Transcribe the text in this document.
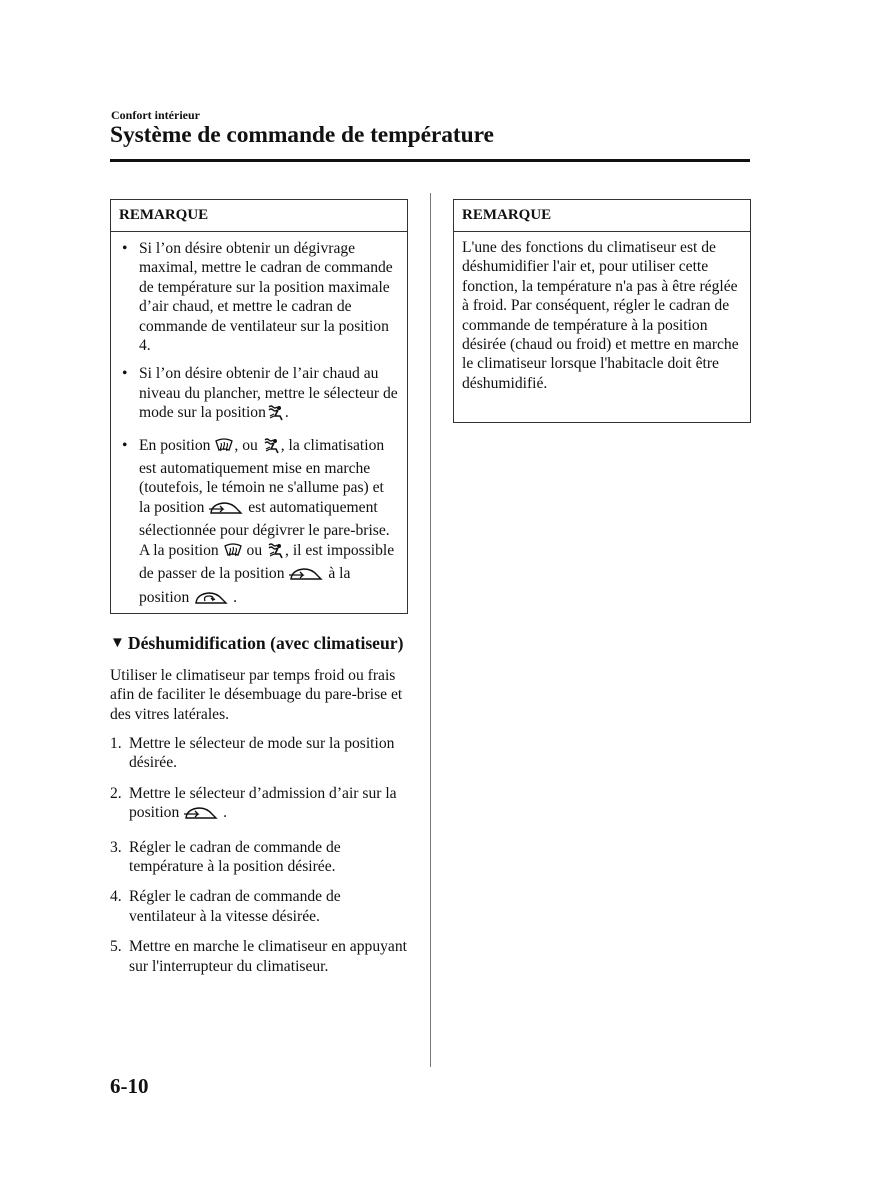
Confort intérieur
Système de commande de température
REMARQUE
• Si l’on désire obtenir un dégivrage maximal, mettre le cadran de commande de température sur la position maximale d’air chaud, et mettre le cadran de commande de ventilateur sur la position 4.
• Si l’on désire obtenir de l’air chaud au niveau du plancher, mettre le sélecteur de mode sur la position .
• En position , ou , la climatisation est automatiquement mise en marche (toutefois, le témoin ne s'allume pas) et la position	est automatiquement sélectionnée pour dégivrer le pare-brise.
A la position ou , il est impossible de passer de la position	à la position	.
REMARQUE

L'une des fonctions du climatiseur est de déshumidifier l'air et, pour utiliser cette fonction, la température n'a pas à être réglée à froid. Par conséquent, régler le cadran de commande de température à la position désirée (chaud ou froid) et mettre en marche le climatiseur lorsque l'habitacle doit être déshumidifié.

▼ Déshumidification (avec climatiseur)
Utiliser le climatiseur par temps froid ou frais afin de faciliter le désembuage du pare-brise et des vitres latérales.
1. Mettre le sélecteur de mode sur la position désirée.
2. Mettre le sélecteur d’admission d’air sur la position	.
3. Régler le cadran de commande de température à la position désirée.
4. Régler le cadran de commande de ventilateur à la vitesse désirée.
5. Mettre en marche le climatiseur en appuyant sur l'interrupteur du climatiseur.
6-10
